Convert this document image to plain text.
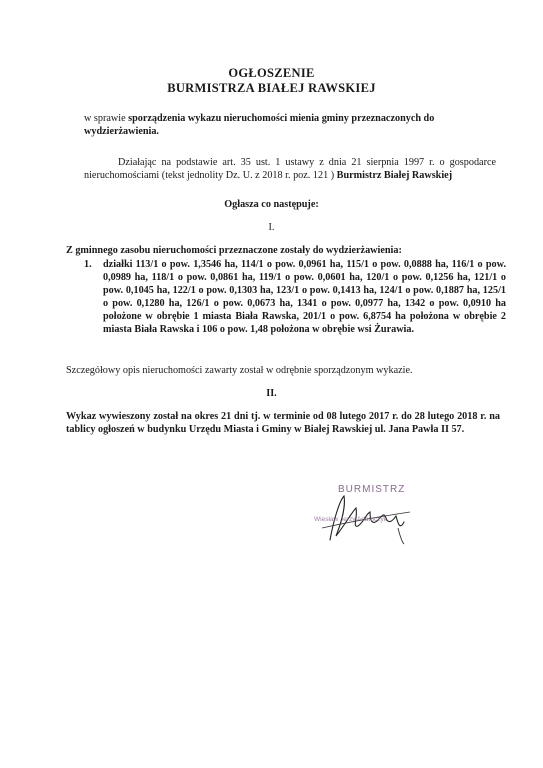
OGŁOSZENIE
BURMISTRZA BIAŁEJ RAWSKIEJ
w sprawie sporządzenia wykazu nieruchomości mienia gminy przeznaczonych do wydzierżawienia.
Działając na podstawie art. 35 ust. 1 ustawy z dnia 21 sierpnia 1997 r. o gospodarce nieruchomościami (tekst jednolity Dz. U. z 2018 r. poz. 121 ) Burmistrz Białej Rawskiej
Ogłasza co następuje:
I.
Z gminnego zasobu nieruchomości przeznaczone zostały do wydzierżawienia:
1. działki 113/1 o pow. 1,3546 ha, 114/1 o pow. 0,0961 ha, 115/1 o pow. 0,0888 ha, 116/1 o pow. 0,0989 ha, 118/1 o pow. 0,0861 ha, 119/1 o pow. 0,0601 ha, 120/1 o pow. 0,1256 ha, 121/1 o pow. 0,1045 ha, 122/1 o pow. 0,1303 ha, 123/1 o pow. 0,1413 ha, 124/1 o pow. 0,1887 ha, 125/1 o pow. 0,1280 ha, 126/1 o pow. 0,0673 ha, 1341 o pow. 0,0977 ha, 1342 o pow. 0,0910 ha położone w obrębie 1 miasta Biała Rawska, 201/1 o pow. 6,8754 ha położona w obrębie 2 miasta Biała Rawska i 106 o pow. 1,48 położona w obrębie wsi Żurawia.
Szczegółowy opis nieruchomości zawarty został w odrębnie sporządzonym wykazie.
II.
Wykaz wywieszony został na okres 21 dni tj. w terminie od 08 lutego 2017 r. do 28 lutego 2018 r. na tablicy ogłoszeń w budynku Urzędu Miasta i Gminy w Białej Rawskiej ul. Jana Pawła II 57.
BURMISTRZ
Wiesław Jerzy Adamczyk
